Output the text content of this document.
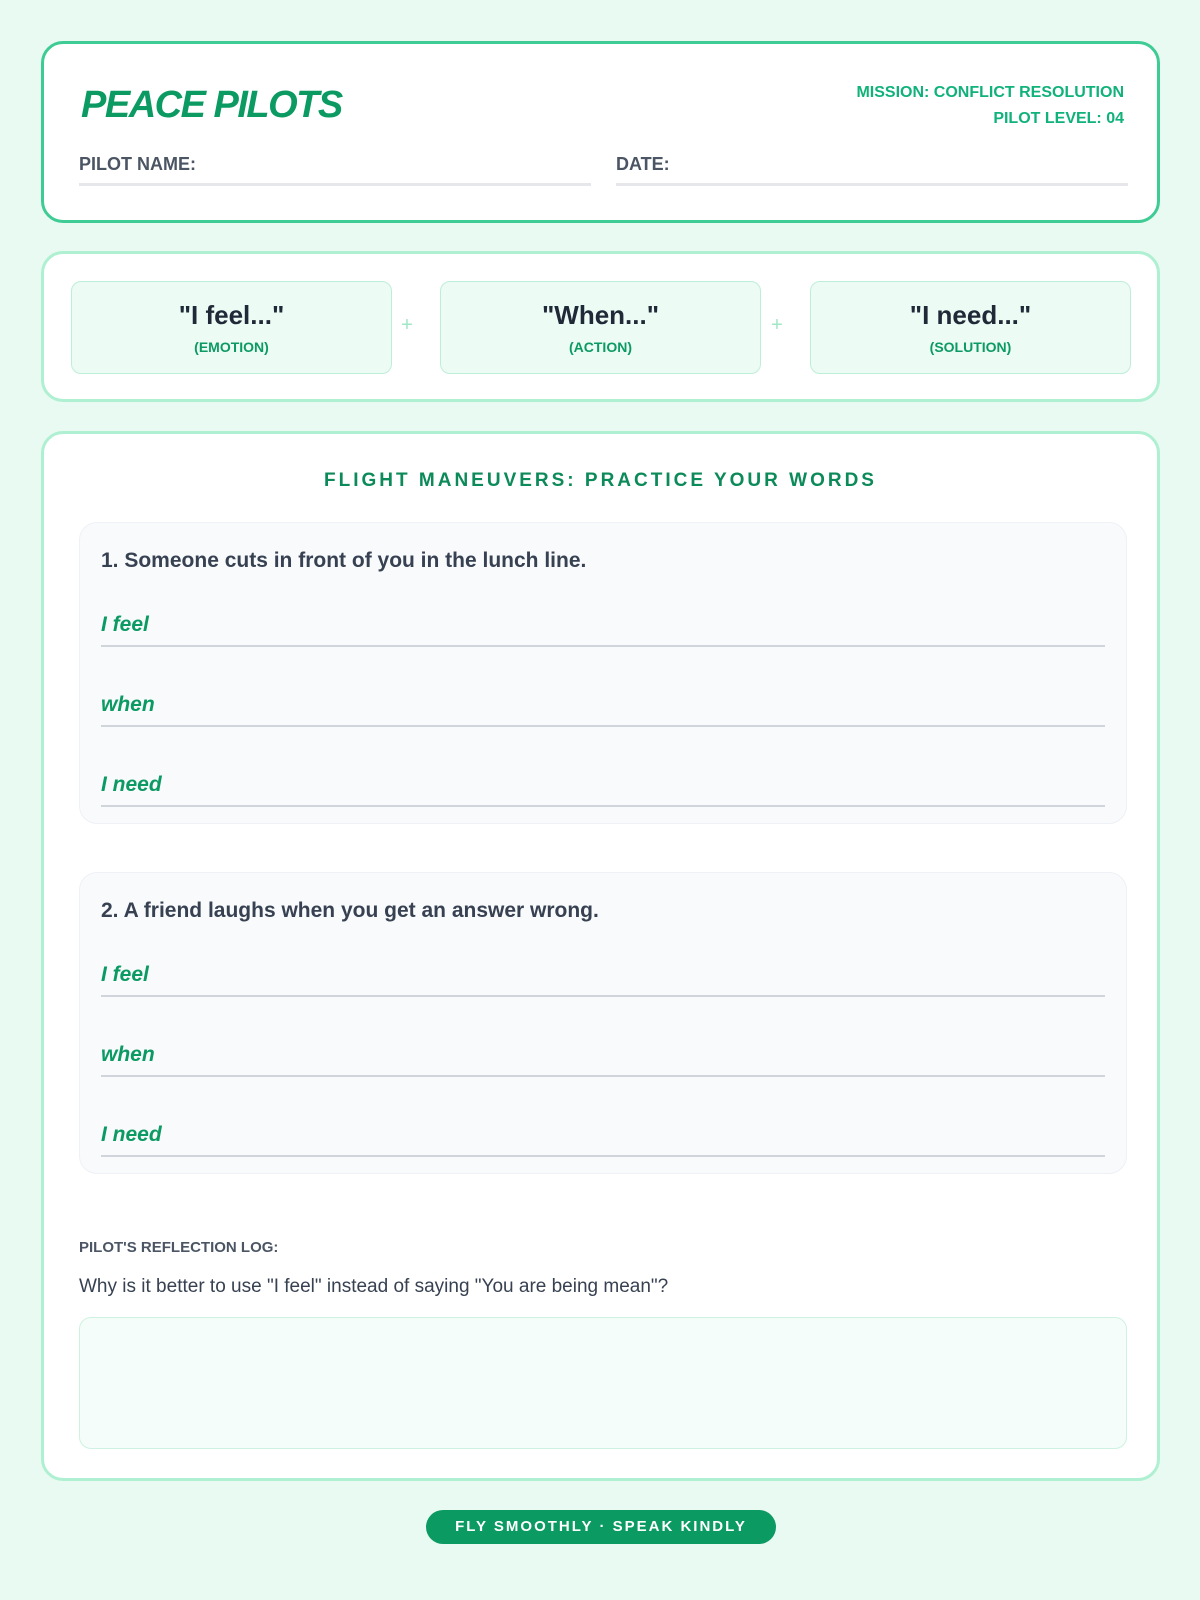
PEACE PILOTS	MISSION: CONFLICT RESOLUTION
PILOT LEVEL: 04
PILOT NAME:	DATE:
"I feel..."
(EMOTION)
+	"When..."
(ACTION)
+	"I need..."
(SOLUTION)
FLIGHT MANEUVERS: PRACTICE YOUR WORDS
1. Someone cuts in front of you in the lunch line.
I feel
when
I need
2. A friend laughs when you get an answer wrong.
I feel
when
I need
PILOT'S REFLECTION LOG:
Why is it better to use "I feel" instead of saying "You are being mean"?
FLY SMOOTHLY · SPEAK KINDLY
